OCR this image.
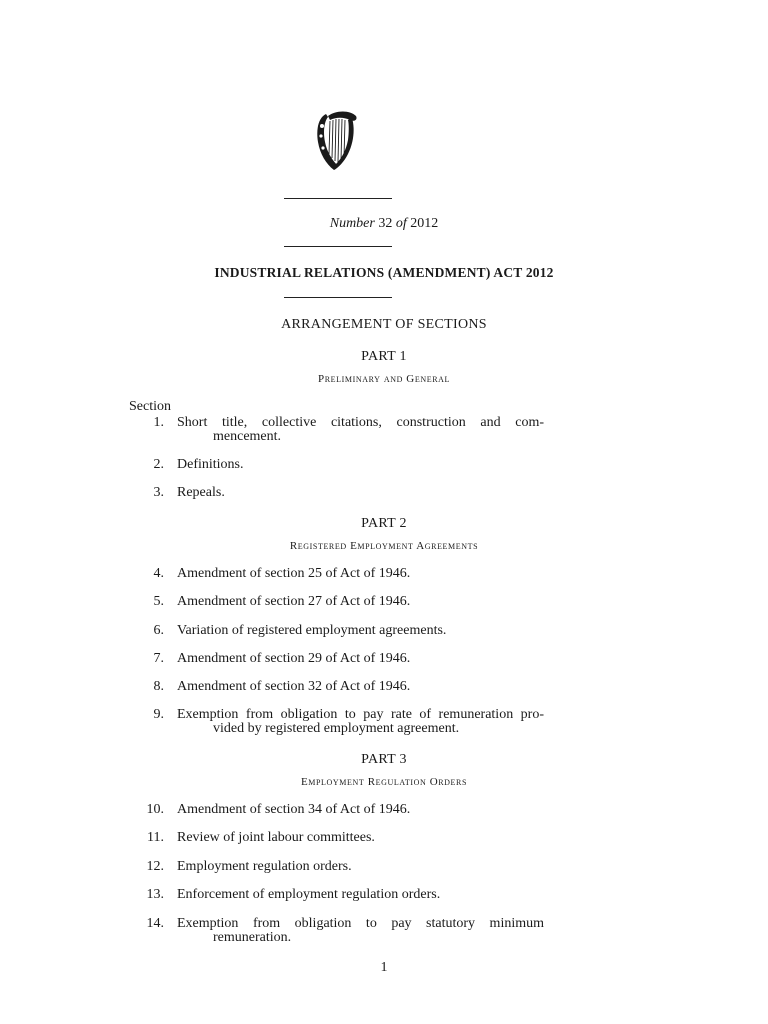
Number 32 of 2012
INDUSTRIAL RELATIONS (AMENDMENT) ACT 2012
ARRANGEMENT OF SECTIONS
PART 1
Preliminary and General
Section
1. Short title, collective citations, construction and com-
mencement.
2. Definitions.
3. Repeals.
PART 2
Registered Employment Agreements
4. Amendment of section 25 of Act of 1946.
5. Amendment of section 27 of Act of 1946.
6. Variation of registered employment agreements.
7. Amendment of section 29 of Act of 1946.
8. Amendment of section 32 of Act of 1946.
9. Exemption from obligation to pay rate of remuneration pro-
vided by registered employment agreement.
PART 3
Employment Regulation Orders
10. Amendment of section 34 of Act of 1946.
11. Review of joint labour committees.
12. Employment regulation orders.
13. Enforcement of employment regulation orders.
14. Exemption from obligation to pay statutory minimum
remuneration.
1
